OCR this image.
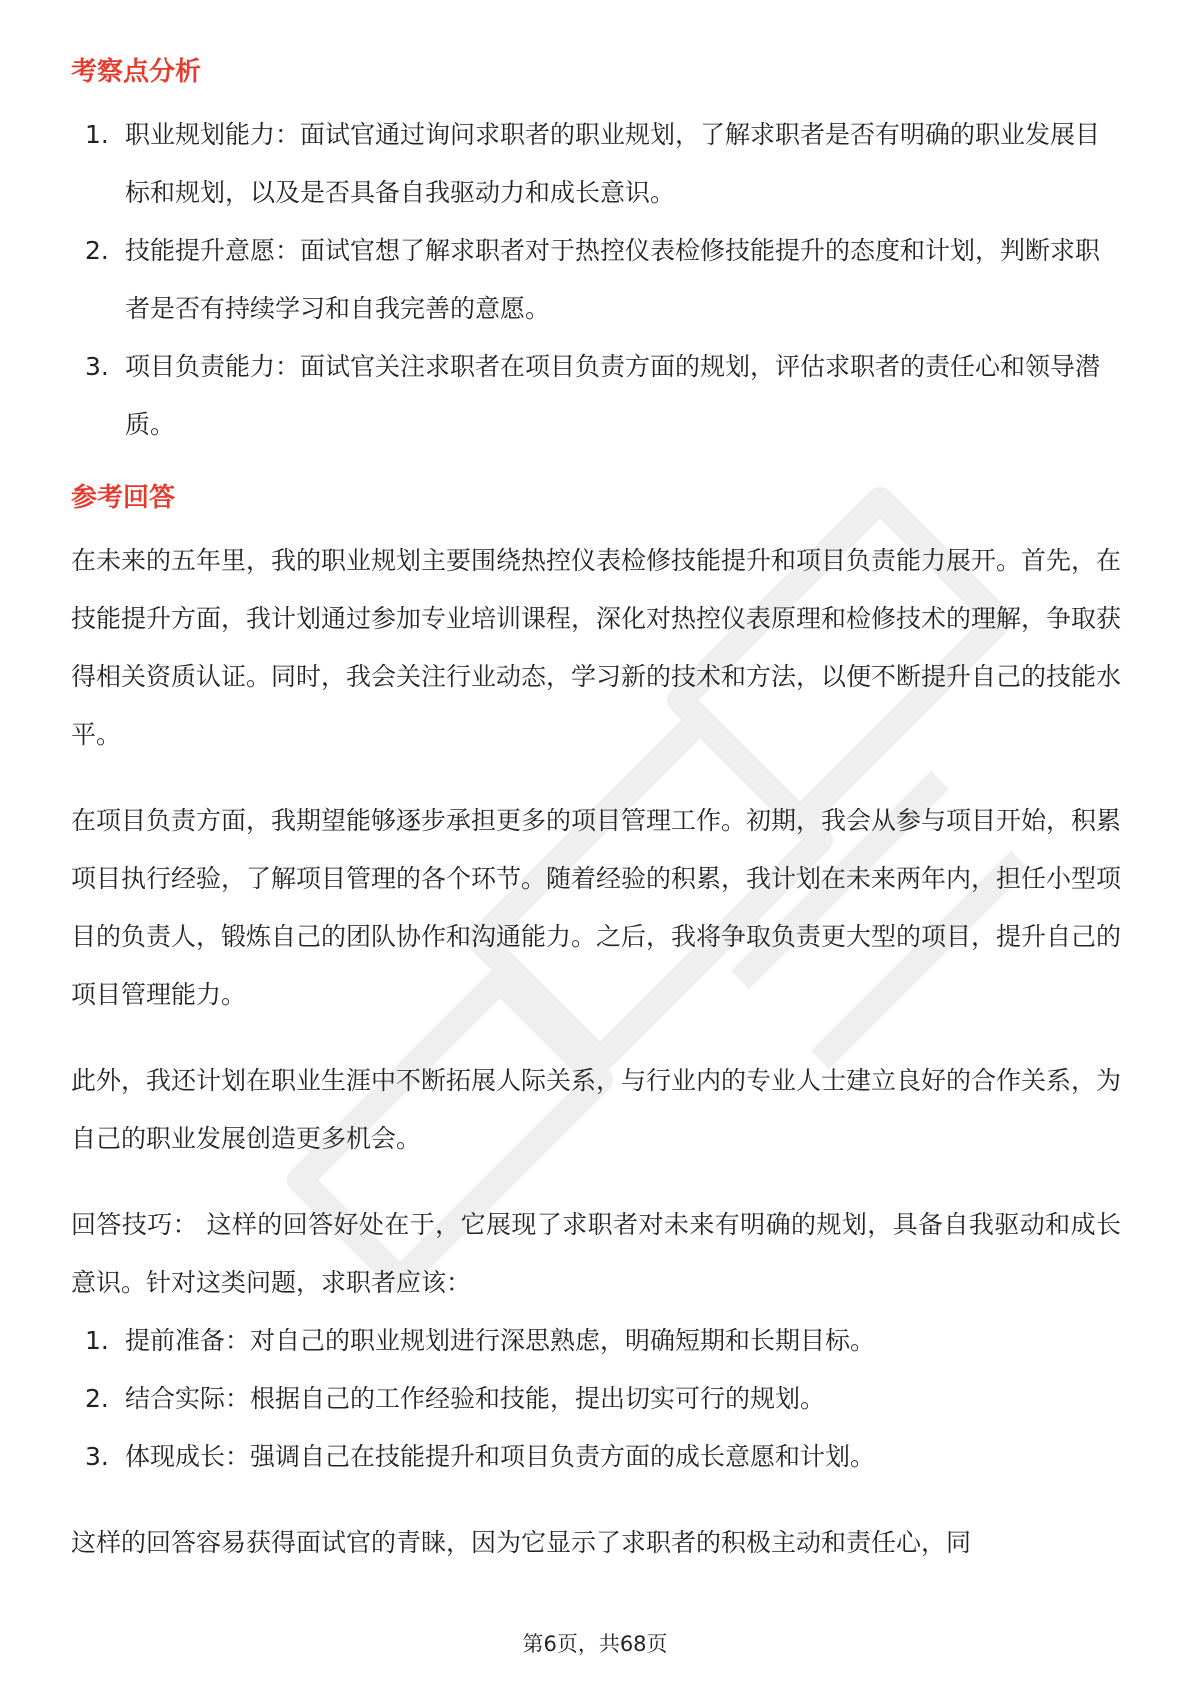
考察点分析
1. 职业规划能力：面试官通过询问求职者的职业规划，了解求职者是否有明确的职业发展目标和规划，以及是否具备自我驱动力和成长意识。
2. 技能提升意愿：面试官想了解求职者对于热控仪表检修技能提升的态度和计划，判断求职者是否有持续学习和自我完善的意愿。
3. 项目负责能力：面试官关注求职者在项目负责方面的规划，评估求职者的责任心和领导潜质。
参考回答

在未来的五年里，我的职业规划主要围绕热控仪表检修技能提升和项目负责能力展开。首先，在技能提升方面，我计划通过参加专业培训课程，深化对热控仪表原理和检修技术的理解，争取获得相关资质认证。同时，我会关注行业动态，学习新的技术和方法，以便不断提升自己的技能水平。

在项目负责方面，我期望能够逐步承担更多的项目管理工作。初期，我会从参与项目开始，积累项目执行经验，了解项目管理的各个环节。随着经验的积累，我计划在未来两年内，担任小型项目的负责人，锻炼自己的团队协作和沟通能力。之后，我将争取负责更大型的项目，提升自己的项目管理能力。

此外，我还计划在职业生涯中不断拓展人际关系，与行业内的专业人士建立良好的合作关系，为自己的职业发展创造更多机会。

回答技巧： 这样的回答好处在于，它展现了求职者对未来有明确的规划，具备自我驱动和成长意识。针对这类问题，求职者应该：

1. 提前准备：对自己的职业规划进行深思熟虑，明确短期和长期目标。
2. 结合实际：根据自己的工作经验和技能，提出切实可行的规划。
3. 体现成长：强调自己在技能提升和项目负责方面的成长意愿和计划。

这样的回答容易获得面试官的青睐，因为它显示了求职者的积极主动和责任心，同

第6页，共68页
